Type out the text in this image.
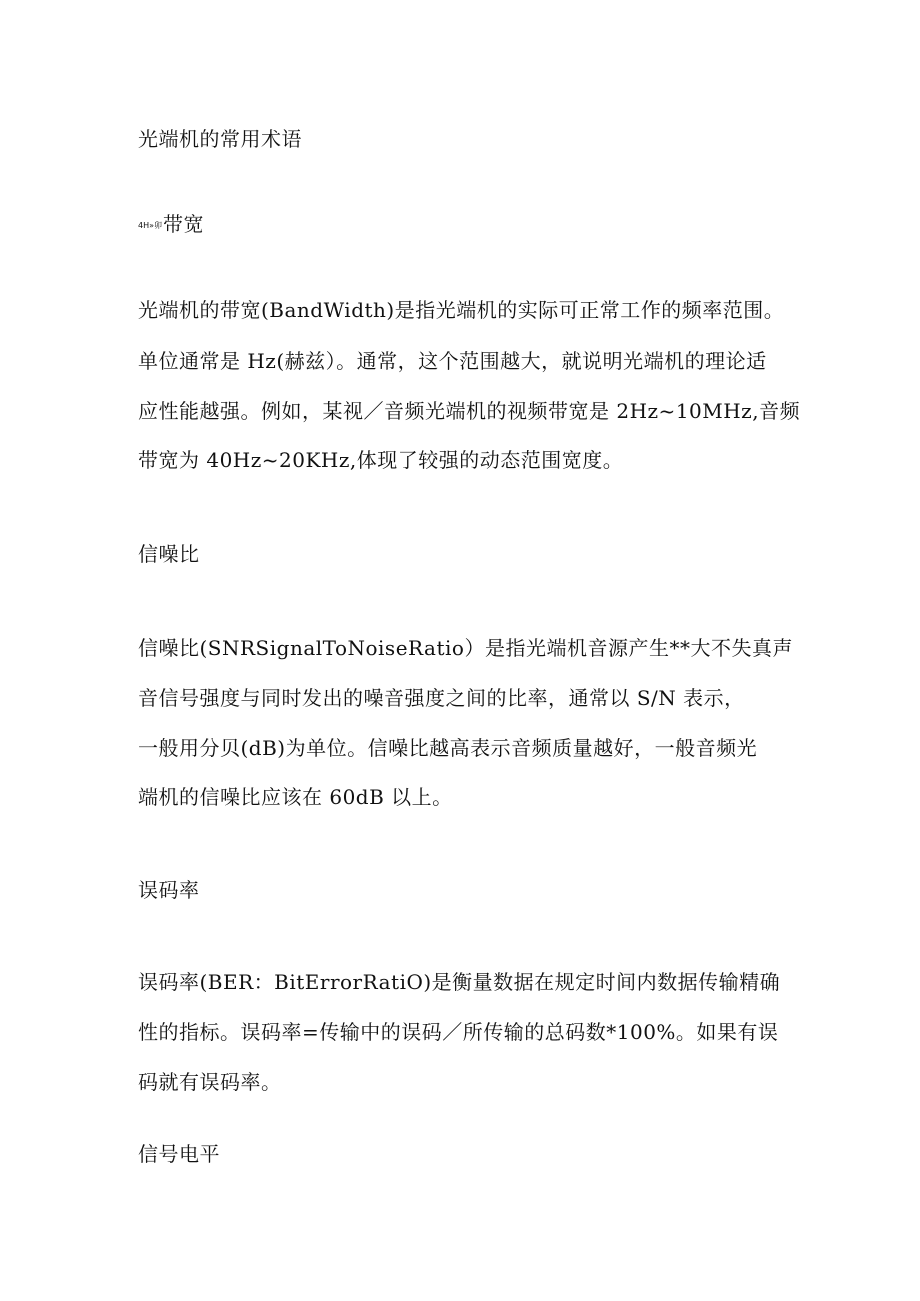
光端机的常用术语
4H»卯带宽
光端机的带宽(BandWidth)是指光端机的实际可正常工作的频率范围。
单位通常是 Hz(赫兹）。通常，这个范围越大，就说明光端机的理论适
应性能越强。例如，某视／音频光端机的视频带宽是 2Hz~10MHz,音频
带宽为 40Hz~20KHz,体现了较强的动态范围宽度。
信噪比
信噪比(SNRSignalToNoiseRatio）是指光端机音源产生**大不失真声
音信号强度与同时发出的噪音强度之间的比率，通常以 S/N 表示，
一般用分贝(dB)为单位。信噪比越高表示音频质量越好，一般音频光
端机的信噪比应该在 60dB 以上。
误码率
误码率(BER：BitErrorRatiO)是衡量数据在规定时间内数据传输精确
性的指标。误码率=传输中的误码／所传输的总码数*100%。如果有误
码就有误码率。
信号电平
